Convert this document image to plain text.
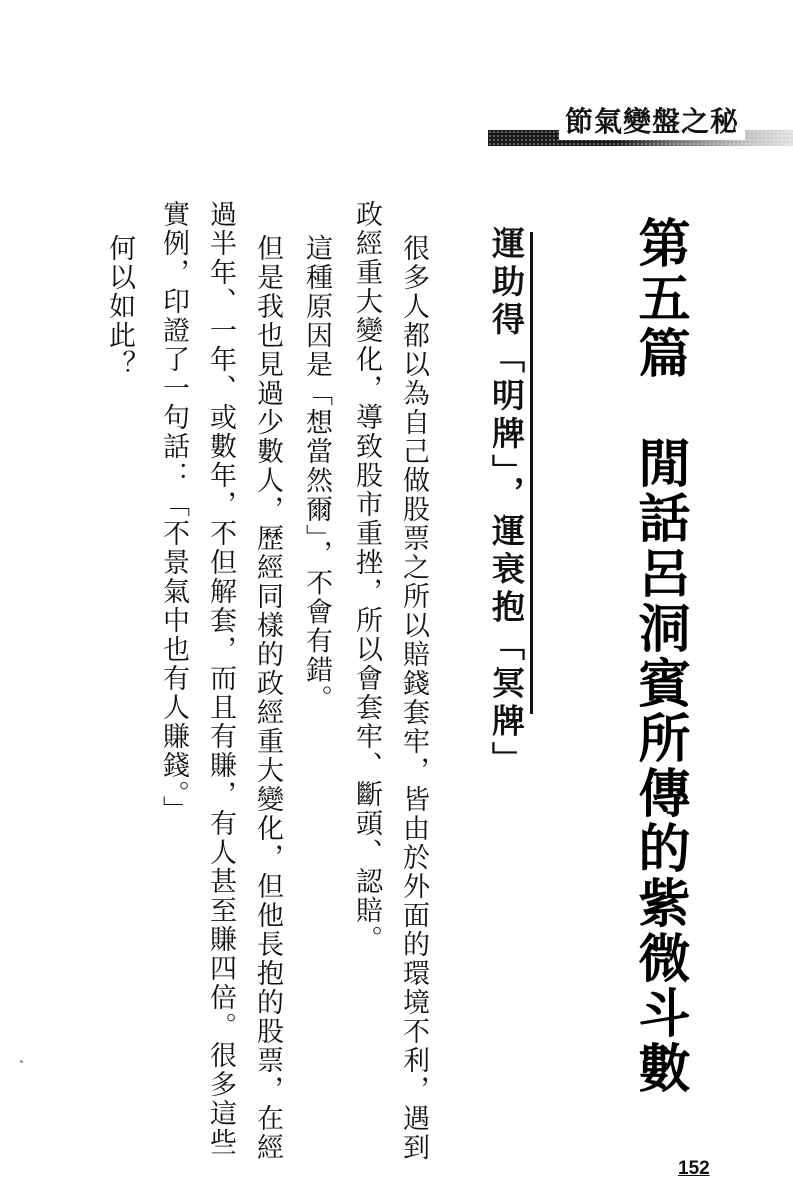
節氣變盤之秘
第五篇　閒話呂洞賓所傳的紫微斗數
運助得「明牌」，運衰抱「冥牌」
很多人都以為自己做股票之所以賠錢套牢，皆由於外面的環境不利，遇到
政經重大變化，導致股市重挫，所以會套牢、斷頭、認賠。
這種原因是「想當然爾」，不會有錯。
但是我也見過少數人，歷經同樣的政經重大變化，但他長抱的股票，在經
過半年、一年、或數年，不但解套，而且有賺，有人甚至賺四倍。很多這些
實例，印證了一句話：「不景氣中也有人賺錢。」
何以如此？
152
